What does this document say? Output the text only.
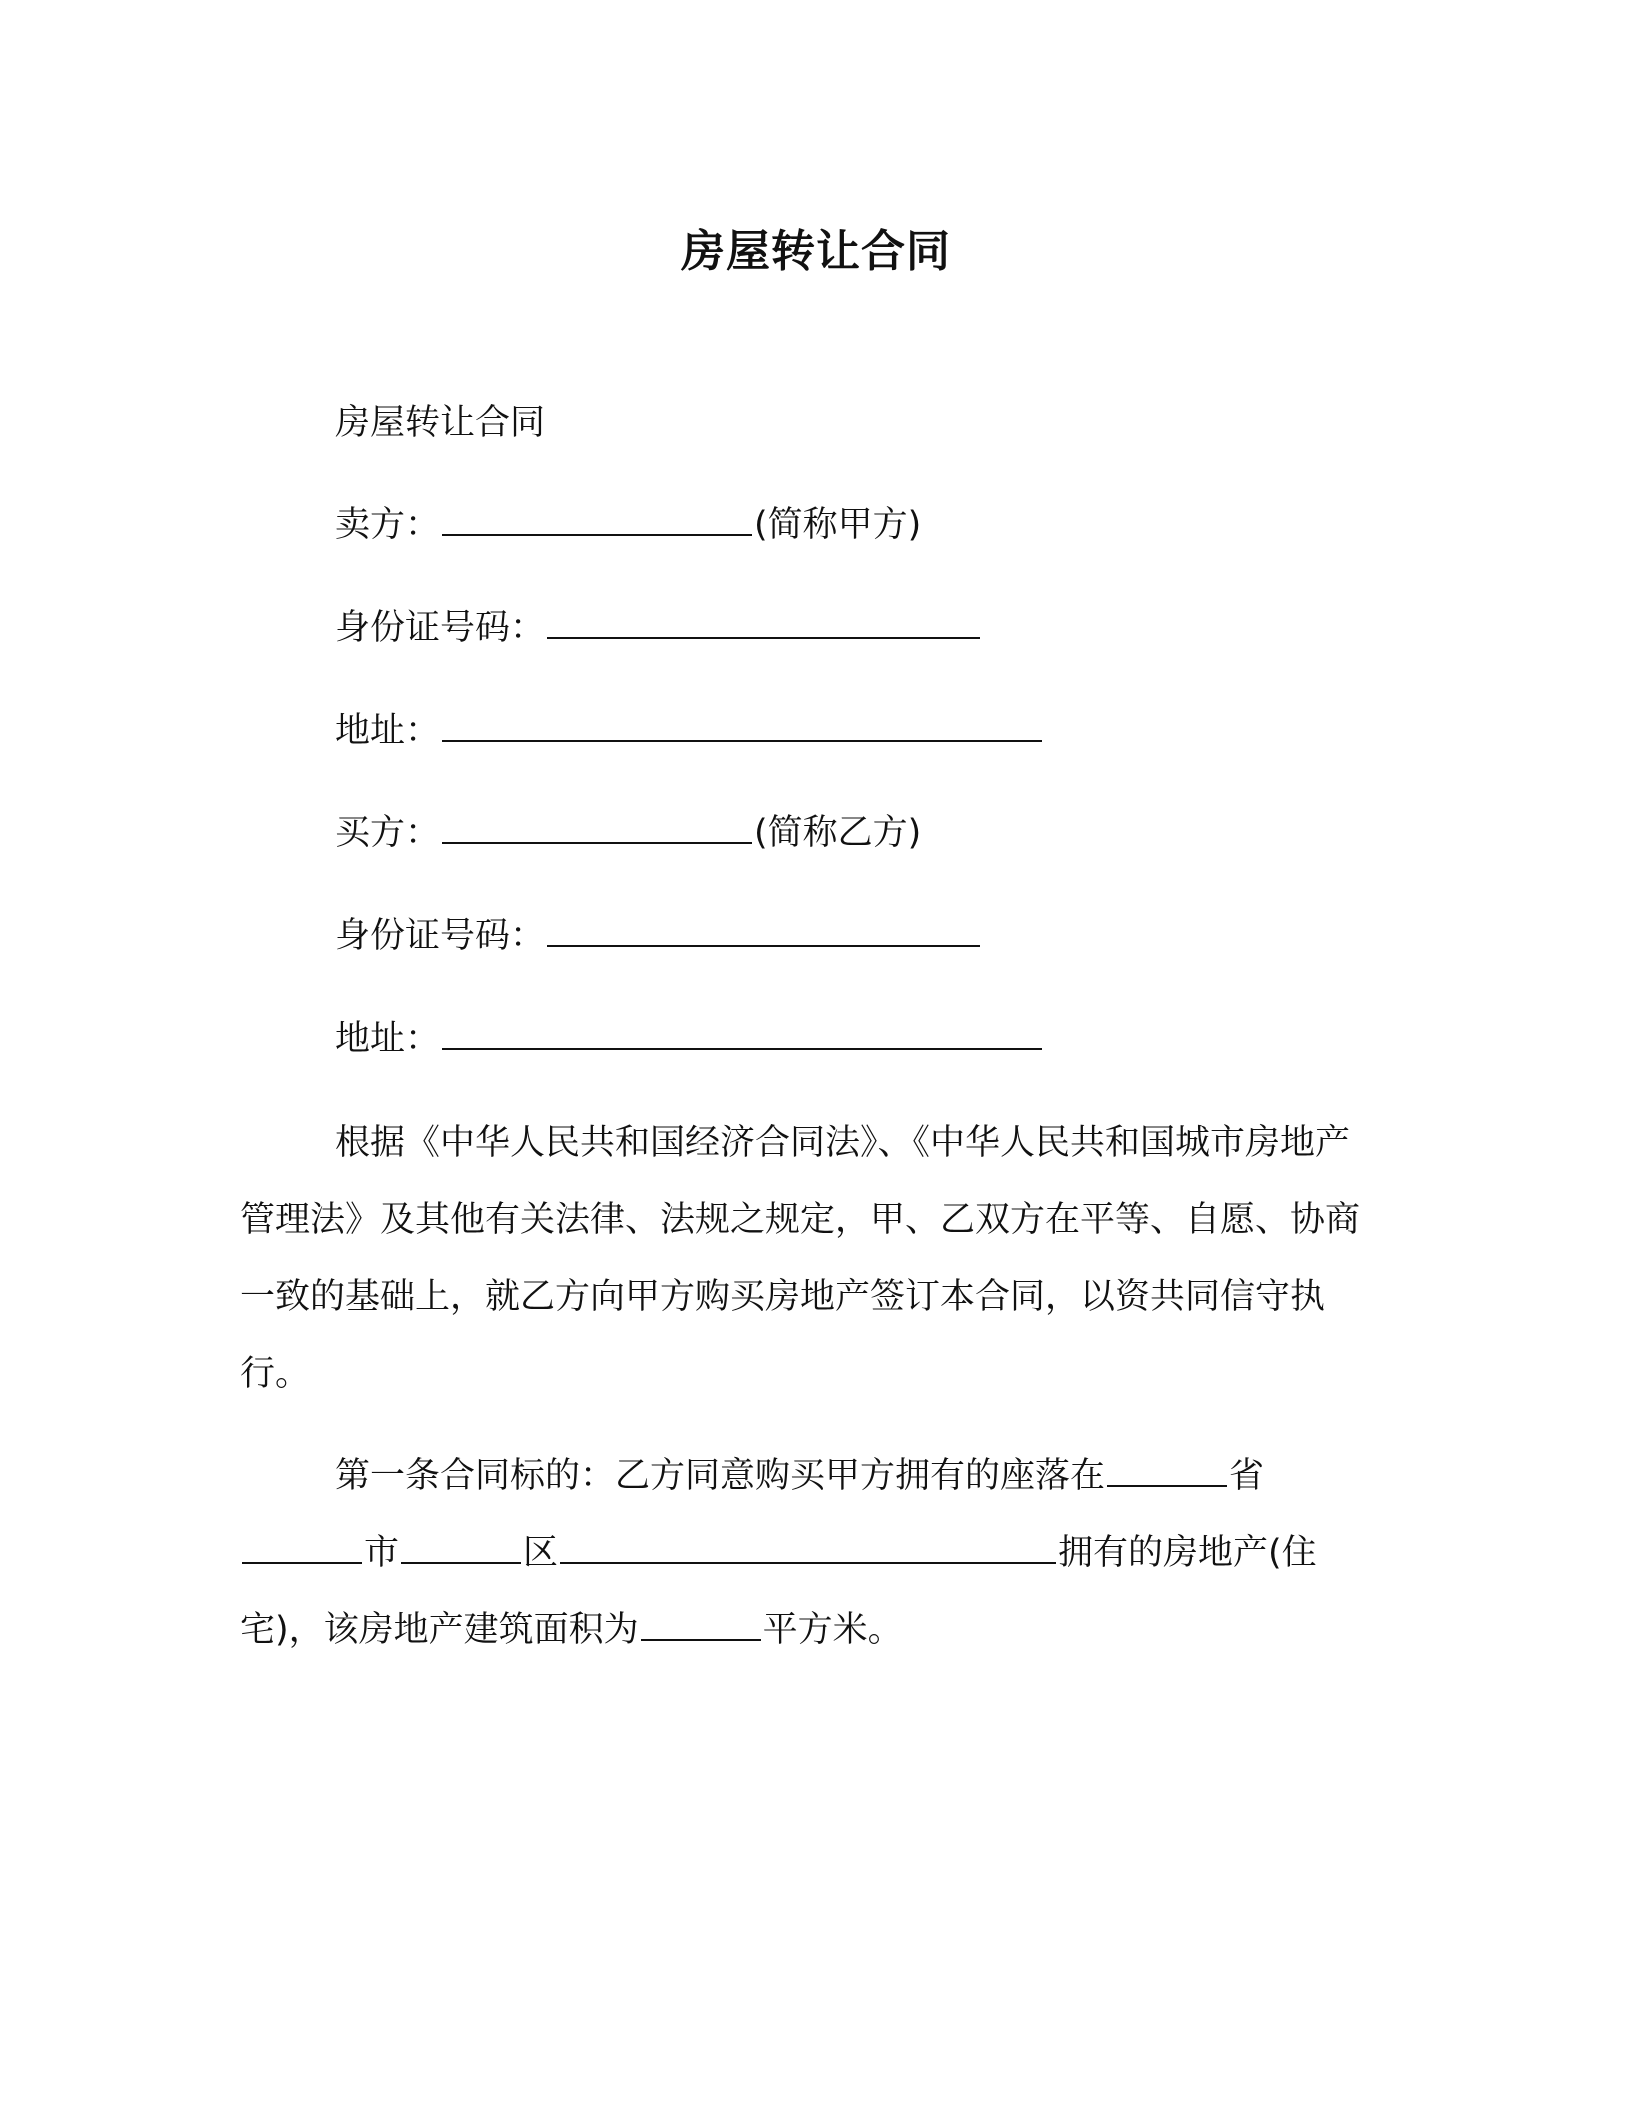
房屋转让合同
房屋转让合同
卖方：	(简称甲方)
身份证号码：
地址：
买方：	(简称乙方)
身份证号码：
地址：

根据《中华人民共和国经济合同法》、《中华人民共和国城市房地产管理法》及其他有关法律、法规之规定，甲、乙双方在平等、自愿、协商一致的基础上，就乙方向甲方购买房地产签订本合同，以资共同信守执行。

第一条合同标的：乙方同意购买甲方拥有的座落在	省市	区	拥有的房地产(住宅)，该房地产建筑面积为	平方米。
